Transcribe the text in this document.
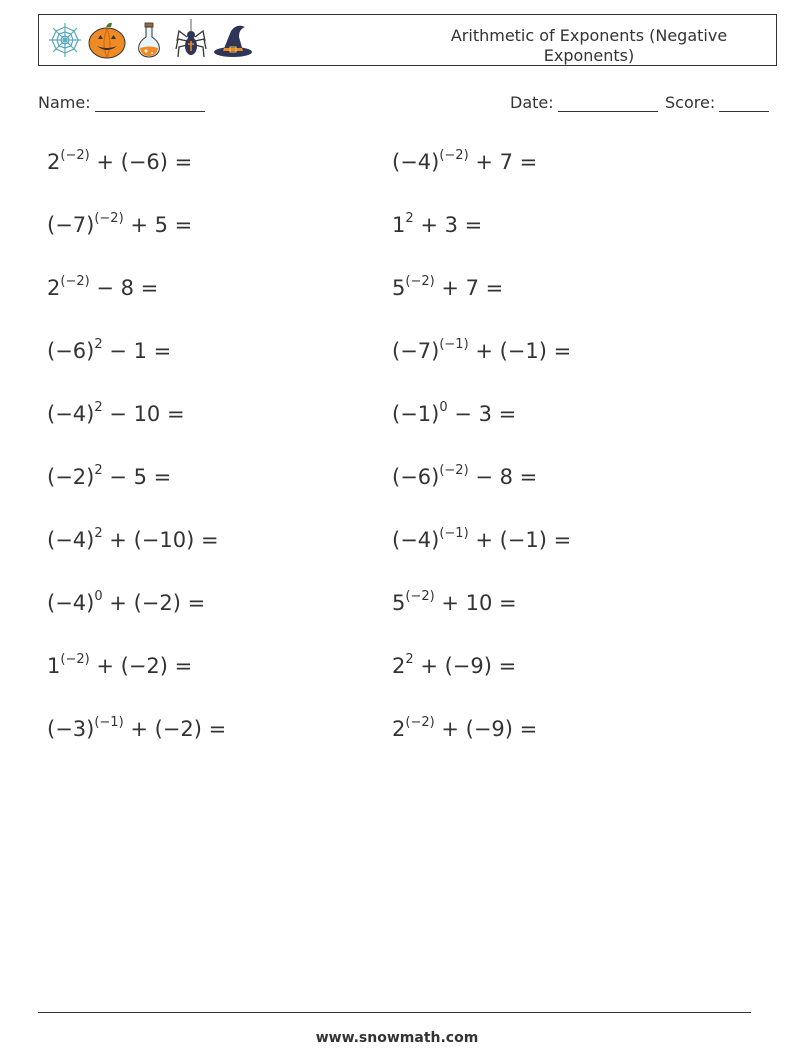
Arithmetic of Exponents (Negative Exponents)
Name:	Date:	Score:
$2^{(-2)} + (-6)$ =
$(-7)^{(-2)} + 5$ =
$2^{(-2)} - 8$ =
$(-6)^2 - 1$ =
$(-4)^2 - 10$ =
$(-2)^2 - 5$ =
$(-4)^2 + (-10)$ =
$(-4)^0 + (-2)$ =
$1^{(-2)} + (-2)$ =
$(-3)^{(-1)} + (-2)$ =
$(-4)^{(-2)} + 7$ =
$1^2 + 3$ =
$5^{(-2)} + 7$ =
$(-7)^{(-1)} + (-1)$ =
$(-1)^0 - 3$ =
$(-6)^{(-2)} - 8$ =
$(-4)^{(-1)} + (-1)$ =
$5^{(-2)} + 10$ =
$2^2 + (-9)$ =
$2^{(-2)} + (-9)$ =
www.snowmath.com
